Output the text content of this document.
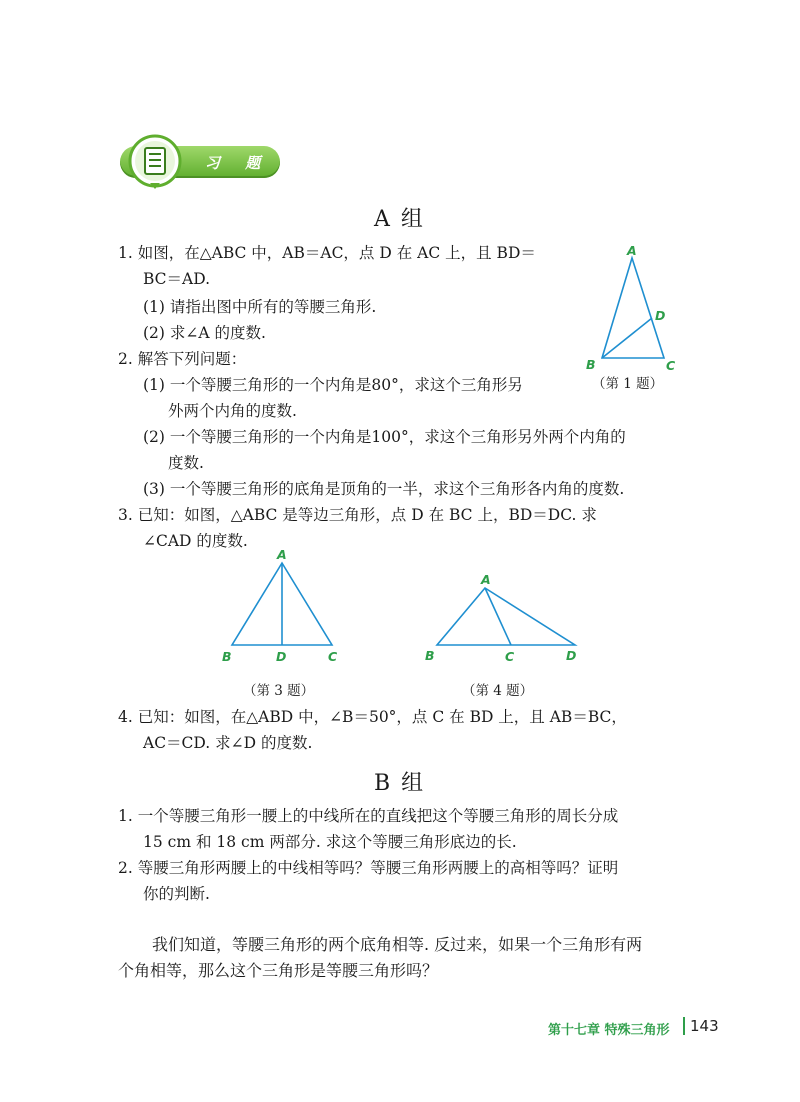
习 题
A 组
1. 如图，在△ABC 中，AB＝AC，点 D 在 AC 上，且 BD＝
BC＝AD.
(1) 请指出图中所有的等腰三角形.
(2) 求∠A 的度数.
A
B	C
D
（第 1 题）
2. 解答下列问题：
(1) 一个等腰三角形的一个内角是80°，求这个三角形另
外两个内角的度数.
(2) 一个等腰三角形的一个内角是100°，求这个三角形另外两个内角的
度数.
(3) 一个等腰三角形的底角是顶角的一半，求这个三角形各内角的度数.
3. 已知：如图，△ABC 是等边三角形，点 D 在 BC 上，BD＝DC. 求
∠CAD 的度数.
A
B	D	C
（第 3 题）
A
B	C	D
（第 4 题）
4. 已知：如图，在△ABD 中，∠B＝50°，点 C 在 BD 上，且 AB＝BC，
AC＝CD. 求∠D 的度数.
B 组
1. 一个等腰三角形一腰上的中线所在的直线把这个等腰三角形的周长分成
15 cm 和 18 cm 两部分. 求这个等腰三角形底边的长.
2. 等腰三角形两腰上的中线相等吗？等腰三角形两腰上的高相等吗？证明
你的判断.
我们知道，等腰三角形的两个底角相等. 反过来，如果一个三角形有两
个角相等，那么这个三角形是等腰三角形吗？
第十七章 特殊三角形 143
